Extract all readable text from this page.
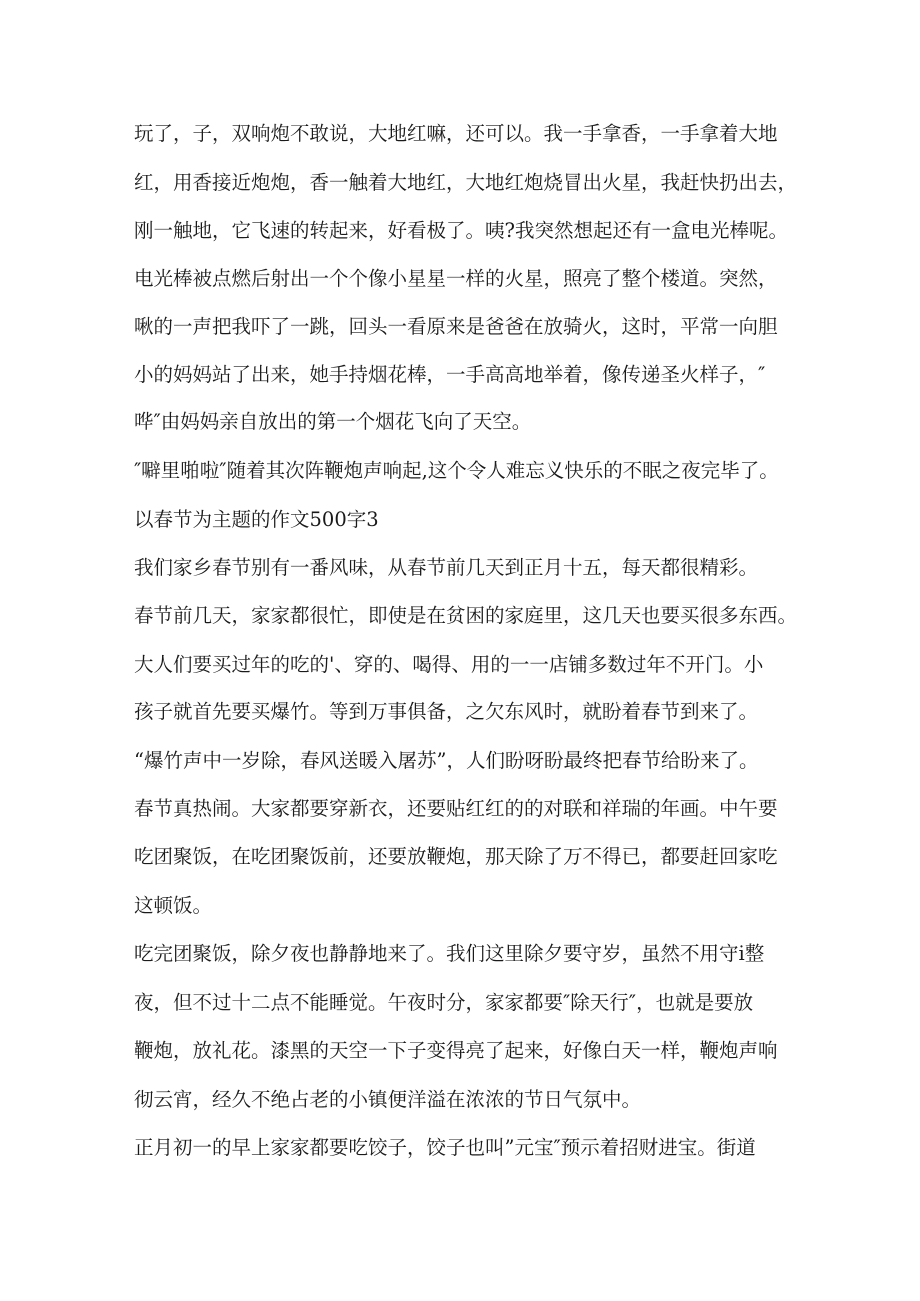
玩了，子，双响炮不敢说，大地红嘛，还可以。我一手拿香，一手拿着大地
红，用香接近炮炮，香一触着大地红，大地红炮烧冒出火星，我赶快扔出去，
刚一触地，它飞速的转起来，好看极了。咦?我突然想起还有一盒电光棒呢。
电光棒被点燃后射出一个个像小星星一样的火星，照亮了整个楼道。突然，
啾的一声把我吓了一跳，回头一看原来是爸爸在放骑火，这时，平常一向胆
小的妈妈站了出来，她手持烟花棒，一手高高地举着，像传递圣火样子，″
哗″由妈妈亲自放出的第一个烟花飞向了天空。
″噼里啪啦″随着其次阵鞭炮声响起,这个令人难忘义快乐的不眠之夜完毕了。
以春节为主题的作文500字3
我们家乡春节别有一番风味，从春节前几天到正月十五，每天都很精彩。
春节前几天，家家都很忙，即使是在贫困的家庭里，这几天也要买很多东西。
大人们要买过年的吃的'、穿的、喝得、用的一一店铺多数过年不开门。小
孩子就首先要买爆竹。等到万事俱备，之欠东风时，就盼着春节到来了。
“爆竹声中一岁除，春风送暖入屠苏”，人们盼呀盼最终把春节给盼来了。
春节真热闹。大家都要穿新衣，还要贴红红的的对联和祥瑞的年画。中午要
吃团聚饭，在吃团聚饭前，还要放鞭炮，那天除了万不得已，都要赶回家吃
这顿饭。
吃完团聚饭，除夕夜也静静地来了。我们这里除夕要守岁，虽然不用守i整
夜，但不过十二点不能睡觉。午夜时分，家家都要″除天行″，也就是要放
鞭炮，放礼花。漆黑的天空一下子变得亮了起来，好像白天一样，鞭炮声响
彻云宵，经久不绝占老的小镇便洋溢在浓浓的节日气氛中。
正月初一的早上家家都要吃饺子，饺子也叫”元宝″预示着招财进宝。街道
